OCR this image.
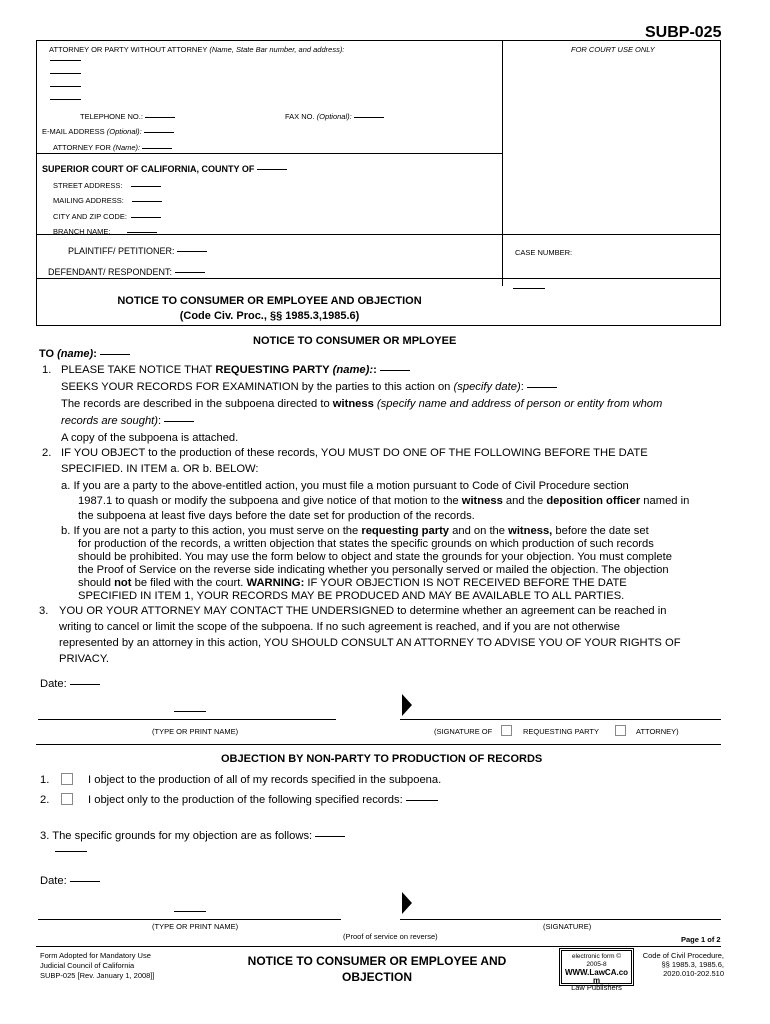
SUBP-025
ATTORNEY OR PARTY WITHOUT ATTORNEY (Name, State Bar number, and address):	FOR COURT USE ONLY
TELEPHONE NO.:	FAX NO. (Optional):
E-MAIL ADDRESS (Optional):
ATTORNEY FOR (Name):
SUPERIOR COURT OF CALIFORNIA, COUNTY OF
STREET ADDRESS:
MAILING ADDRESS:
CITY AND ZIP CODE:
BRANCH NAME:
PLAINTIFF/ PETITIONER:
DEFENDANT/ RESPONDENT:
CASE NUMBER:
NOTICE TO CONSUMER OR EMPLOYEE AND OBJECTION
(Code Civ. Proc., §§ 1985.3,1985.6)
NOTICE TO CONSUMER OR MPLOYEE
TO (name):
1. PLEASE TAKE NOTICE THAT REQUESTING PARTY (name)::
SEEKS YOUR RECORDS FOR EXAMINATION by the parties to this action on (specify date):
The records are described in the subpoena directed to witness (specify name and address of person or entity from whom
records are sought):
A copy of the subpoena is attached.
2. IF YOU OBJECT to the production of these records, YOU MUST DO ONE OF THE FOLLOWING BEFORE THE DATE
SPECIFIED. IN ITEM a. OR b. BELOW:
a. If you are a party to the above-entitled action, you must file a motion pursuant to Code of Civil Procedure section
1987.1 to quash or modify the subpoena and give notice of that motion to the witness and the deposition officer named in
the subpoena at least five days before the date set for production of the records.
b. If you are not a party to this action, you must serve on the requesting party and on the witness, before the date set
for production of the records, a written objection that states the specific grounds on which production of such records
should be prohibited. You may use the form below to object and state the grounds for your objection. You must complete
the Proof of Service on the reverse side indicating whether you personally served or mailed the objection. The objection
should not be filed with the court. WARNING: IF YOUR OBJECTION IS NOT RECEIVED BEFORE THE DATE
SPECIFIED IN ITEM 1, YOUR RECORDS MAY BE PRODUCED AND MAY BE AVAILABLE TO ALL PARTIES.
3. YOU OR YOUR ATTORNEY MAY CONTACT THE UNDERSIGNED to determine whether an agreement can be reached in
writing to cancel or limit the scope of the subpoena. If no such agreement is reached, and if you are not otherwise
represented by an attorney in this action, YOU SHOULD CONSULT AN ATTORNEY TO ADVISE YOU OF YOUR RIGHTS OF
PRIVACY.
Date:
(TYPE OR PRINT NAME)	(SIGNATURE OF	REQUESTING PARTY	ATTORNEY)
OBJECTION BY NON-PARTY TO PRODUCTION OF RECORDS
1.	I object to the production of all of my records specified in the subpoena.
2.	I object only to the production of the following specified records:
3. The specific grounds for my objection are as follows:
Date:
(TYPE OR PRINT NAME)	(SIGNATURE)
(Proof of service on reverse)	Page 1 of 2
Form Adopted for Mandatory Use
Judicial Council of California
SUBP-025 [Rev. January 1, 2008]]
NOTICE TO CONSUMER OR EMPLOYEE AND
OBJECTION
electronic form ©
2005-8
WWW.LawCA.co
m
Law Publishers
Code of Civil Procedure,
§§ 1985.3, 1985.6,
2020.010-202.510
